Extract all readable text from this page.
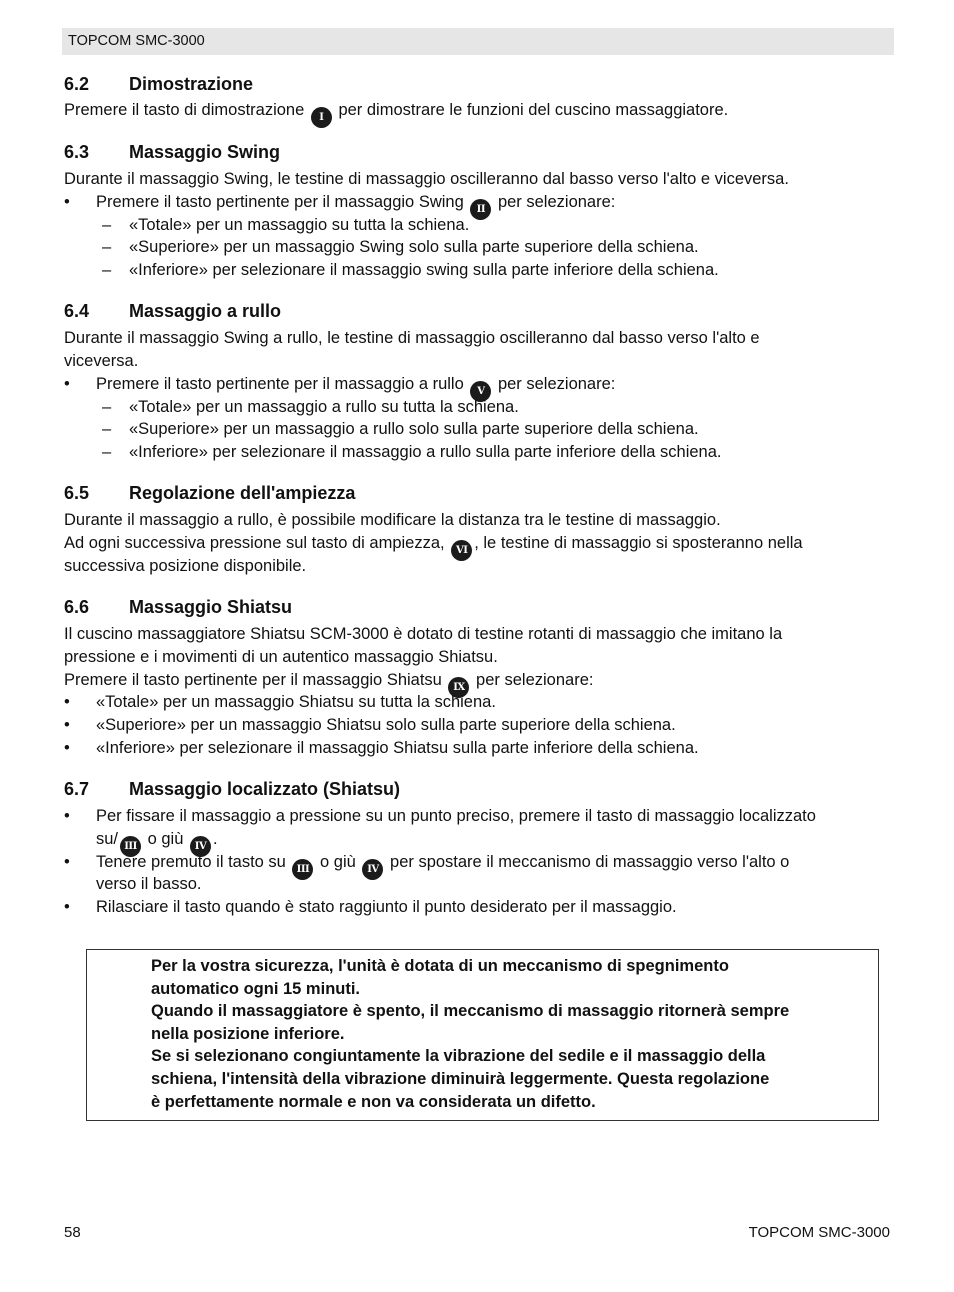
TOPCOM SMC-3000
6.2 Dimostrazione
Premere il tasto di dimostrazione I per dimostrare le funzioni del cuscino massaggiatore.
6.3 Massaggio Swing
Durante il massaggio Swing, le testine di massaggio oscilleranno dal basso verso l'alto e viceversa.
• Premere il tasto pertinente per il massaggio Swing II per selezionare:
– «Totale» per un massaggio su tutta la schiena.
– «Superiore» per un massaggio Swing solo sulla parte superiore della schiena.
– «Inferiore» per selezionare il massaggio swing sulla parte inferiore della schiena.
6.4 Massaggio a rullo
Durante il massaggio Swing a rullo, le testine di massaggio oscilleranno dal basso verso l'alto e
viceversa.
• Premere il tasto pertinente per il massaggio a rullo V per selezionare:
– «Totale» per un massaggio a rullo su tutta la schiena.
– «Superiore» per un massaggio a rullo solo sulla parte superiore della schiena.
– «Inferiore» per selezionare il massaggio a rullo sulla parte inferiore della schiena.
6.5 Regolazione dell'ampiezza
Durante il massaggio a rullo, è possibile modificare la distanza tra le testine di massaggio.
Ad ogni successiva pressione sul tasto di ampiezza, VI , le testine di massaggio si sposteranno nella
successiva posizione disponibile.
6.6 Massaggio Shiatsu
Il cuscino massaggiatore Shiatsu SCM-3000 è dotato di testine rotanti di massaggio che imitano la
pressione e i movimenti di un autentico massaggio Shiatsu.
Premere il tasto pertinente per il massaggio Shiatsu IX per selezionare:
• «Totale» per un massaggio Shiatsu su tutta la schiena.
• «Superiore» per un massaggio Shiatsu solo sulla parte superiore della schiena.
• «Inferiore» per selezionare il massaggio Shiatsu sulla parte inferiore della schiena.
6.7 Massaggio localizzato (Shiatsu)
• Per fissare il massaggio a pressione su un punto preciso, premere il tasto di massaggio localizzato
su/ III o giù IV .
• Tenere premuto il tasto su III o giù IV per spostare il meccanismo di massaggio verso l'alto o
verso il basso.
• Rilasciare il tasto quando è stato raggiunto il punto desiderato per il massaggio.
Per la vostra sicurezza, l'unità è dotata di un meccanismo di spegnimento
automatico ogni 15 minuti.
Quando il massaggiatore è spento, il meccanismo di massaggio ritornerà sempre
nella posizione inferiore.
Se si selezionano congiuntamente la vibrazione del sedile e il massaggio della
schiena, l'intensità della vibrazione diminuirà leggermente. Questa regolazione
è perfettamente normale e non va considerata un difetto.
58	TOPCOM SMC-3000
